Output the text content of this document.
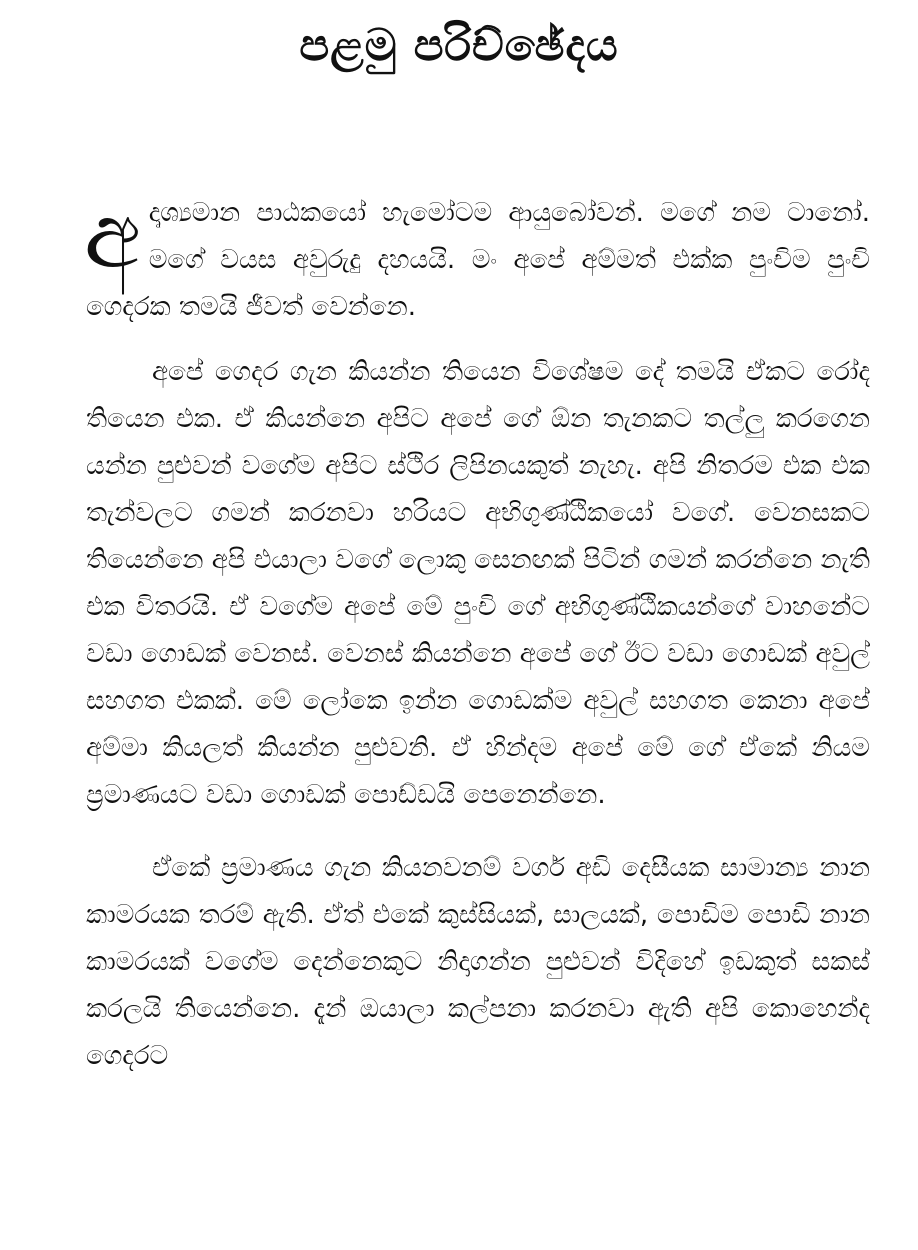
පළමු පරිච්ඡේදය

අදෘශ්‍යමාන පාඨකයෝ හැමෝටම ආයුබෝවන්. මගේ නම ටානෝ. මගේ වයස අවුරුදු දහයයි. මං අපේ අම්මත් එක්ක පුංචිම පුංචි ගෙදරක තමයි ජීවත් වෙන්නෙ.

අපේ ගෙදර ගැන කියන්න තියෙන විශේෂම දේ තමයි ඒකට රෝද තියෙන එක. ඒ කියන්නෙ අපිට අපේ ගේ ඕන තැනකට තල්ලු කරගෙන යන්න පුළුවන් වගේම අපිට ස්ථිර ලිපිනයකුත් නැහැ. අපි නිතරම එක එක තැන්වලට ගමන් කරනවා හරියට අභිගුණ්ඨිකයෝ වගේ. වෙනසකට තියෙන්නෙ අපි එයාලා වගේ ලොකු සෙනඟක් පිටින් ගමන් කරන්නෙ නැති එක විතරයි. ඒ වගේම අපේ මේ පුංචි ගේ අභිගුණ්ඨිකයන්ගේ වාහනේට වඩා ගොඩක් වෙනස්. වෙනස් කියන්නෙ අපේ ගේ ඊට වඩා ගොඩක් අවුල් සහගත එකක්. මේ ලෝකෙ ඉන්න ගොඩක්ම අවුල් සහගත කෙනා අපේ අම්මා කියලත් කියන්න පුළුවනි. ඒ හින්දම අපේ මේ ගේ ඒකේ නියම ප්‍රමාණයට වඩා ගොඩක් පොඩ්ඩයි පෙනෙන්නෙ.

ඒකේ ප්‍රමාණය ගැන කියනවනම් වර්ග අඩි දෙසීයක සාමාන්‍ය නාන කාමරයක තරම් ඇති. ඒත් එකේ කුස්සියක්, සාලයක්, පොඩිම පොඩි නාන කාමරයක් වගේම දෙන්නෙකුට නිදාගන්න පුළුවන් විදිහේ ඉඩකුත් සකස් කරලයි තියෙන්නෙ. දැන් ඔයාලා කල්පනා කරනවා ඇති අපි කොහෙන්ද ගෙදරට
